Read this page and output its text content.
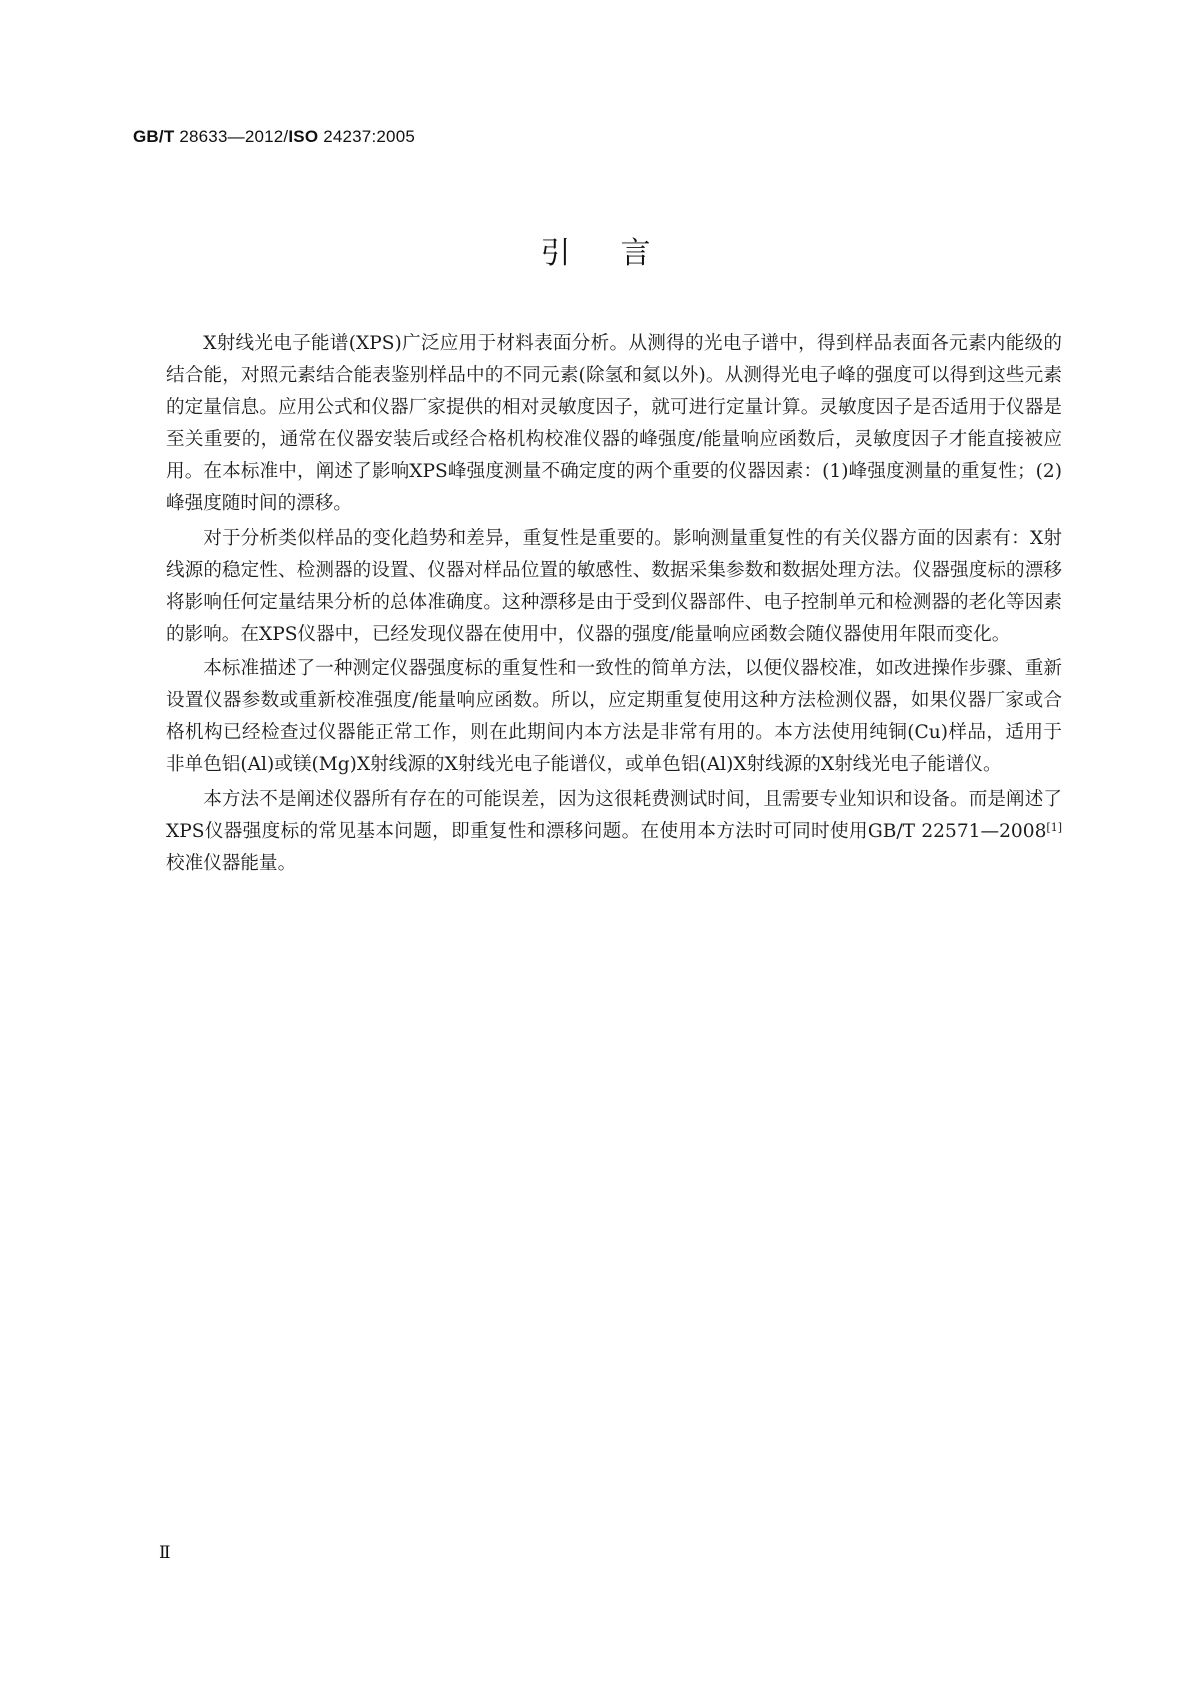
GB/T 28633—2012/ISO 24237:2005
引言

X射线光电子能谱(XPS)广泛应用于材料表面分析。从测得的光电子谱中，得到样品表面各元素内能级的结合能，对照元素结合能表鉴别样品中的不同元素(除氢和氦以外)。从测得光电子峰的强度可以得到这些元素的定量信息。应用公式和仪器厂家提供的相对灵敏度因子，就可进行定量计算。灵敏度因子是否适用于仪器是至关重要的，通常在仪器安装后或经合格机构校准仪器的峰强度/能量响应函数后，灵敏度因子才能直接被应用。在本标准中，阐述了影响XPS峰强度测量不确定度的两个重要的仪器因素：(1)峰强度测量的重复性；(2)峰强度随时间的漂移。

对于分析类似样品的变化趋势和差异，重复性是重要的。影响测量重复性的有关仪器方面的因素有：X射线源的稳定性、检测器的设置、仪器对样品位置的敏感性、数据采集参数和数据处理方法。仪器强度标的漂移将影响任何定量结果分析的总体准确度。这种漂移是由于受到仪器部件、电子控制单元和检测器的老化等因素的影响。在XPS仪器中，已经发现仪器在使用中，仪器的强度/能量响应函数会随仪器使用年限而变化。

本标准描述了一种测定仪器强度标的重复性和一致性的简单方法，以便仪器校准，如改进操作步骤、重新设置仪器参数或重新校准强度/能量响应函数。所以，应定期重复使用这种方法检测仪器，如果仪器厂家或合格机构已经检查过仪器能正常工作，则在此期间内本方法是非常有用的。本方法使用纯铜(Cu)样品，适用于非单色铝(Al)或镁(Mg)X射线源的X射线光电子能谱仪，或单色铝(Al)X射线源的X射线光电子能谱仪。

本方法不是阐述仪器所有存在的可能误差，因为这很耗费测试时间，且需要专业知识和设备。而是阐述了XPS仪器强度标的常见基本问题，即重复性和漂移问题。在使用本方法时可同时使用GB/T 22571—2008[1] 校准仪器能量。

Ⅱ
